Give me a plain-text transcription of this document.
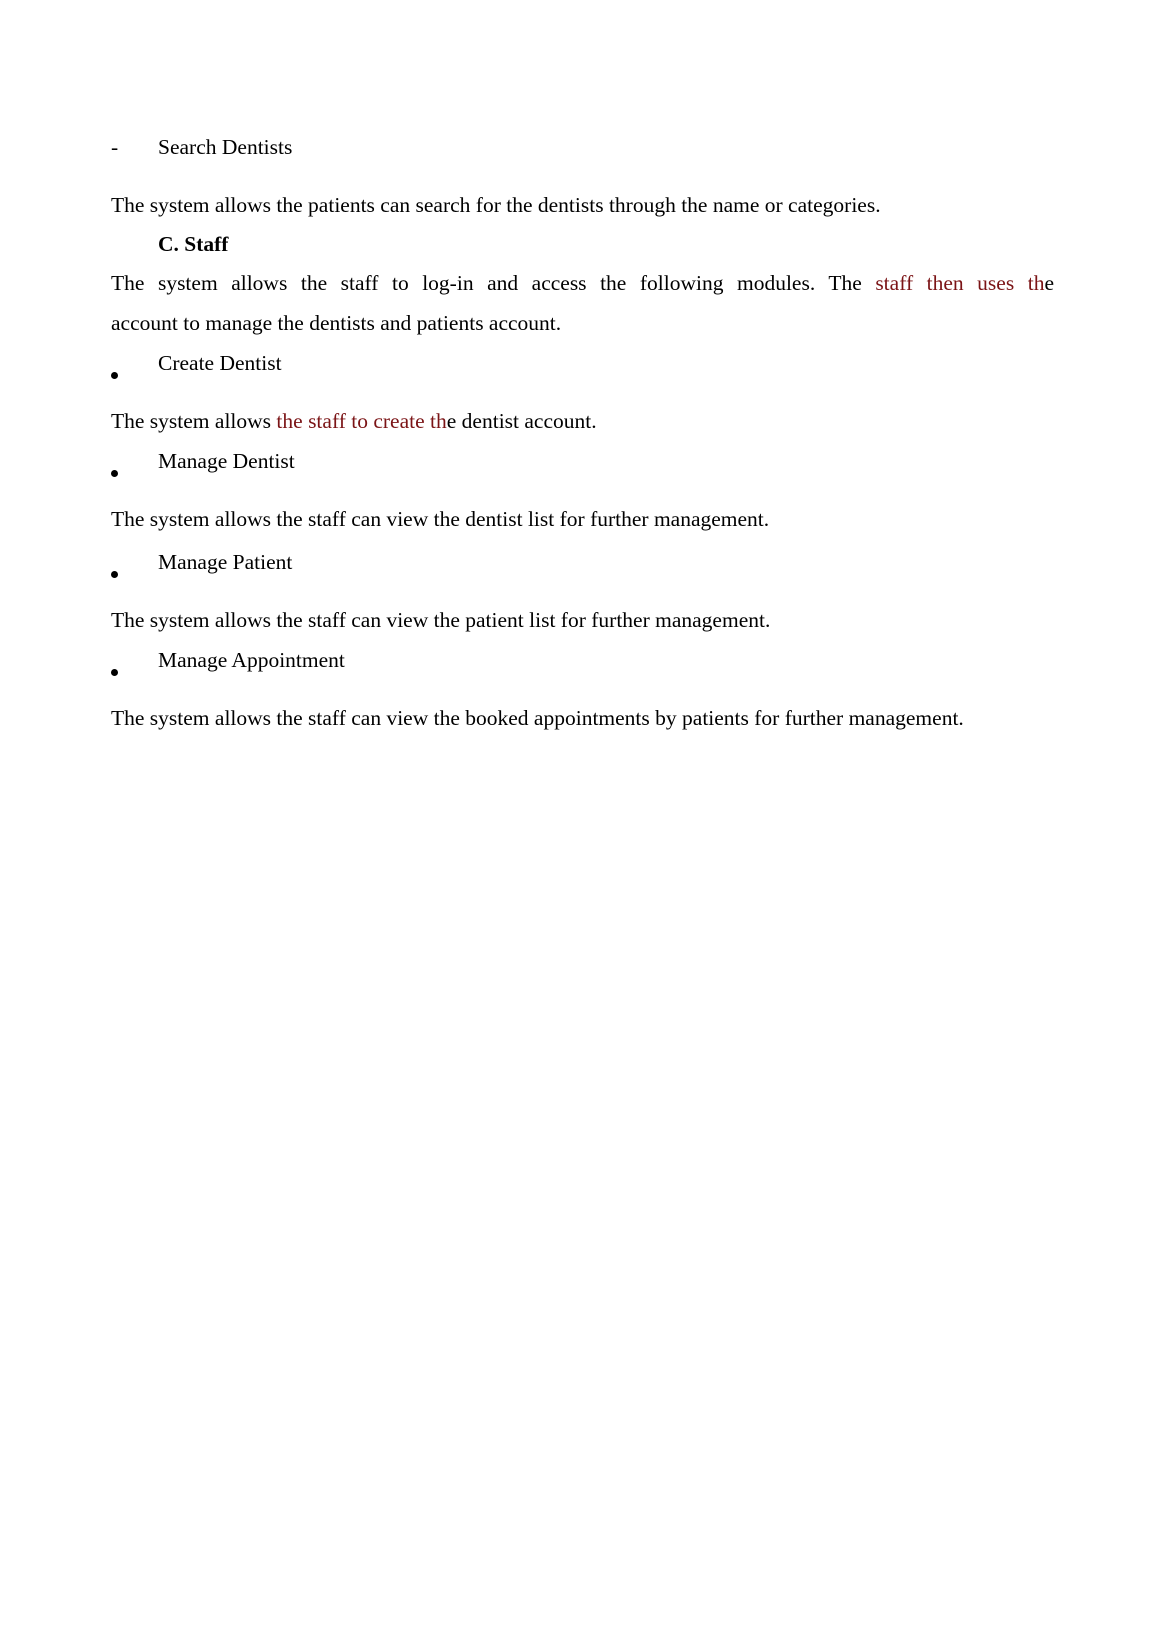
- Search Dentists
The system allows the patients can search for the dentists through the name or categories.
C. Staff
The system allows the staff to log-in and access the following modules. The staff then uses the
account to manage the dentists and patients account.
Create Dentist
The system allows the staff to create the dentist account.
Manage Dentist
The system allows the staff can view the dentist list for further management.
Manage Patient
The system allows the staff can view the patient list for further management.
Manage Appointment
The system allows the staff can view the booked appointments by patients for further management.
